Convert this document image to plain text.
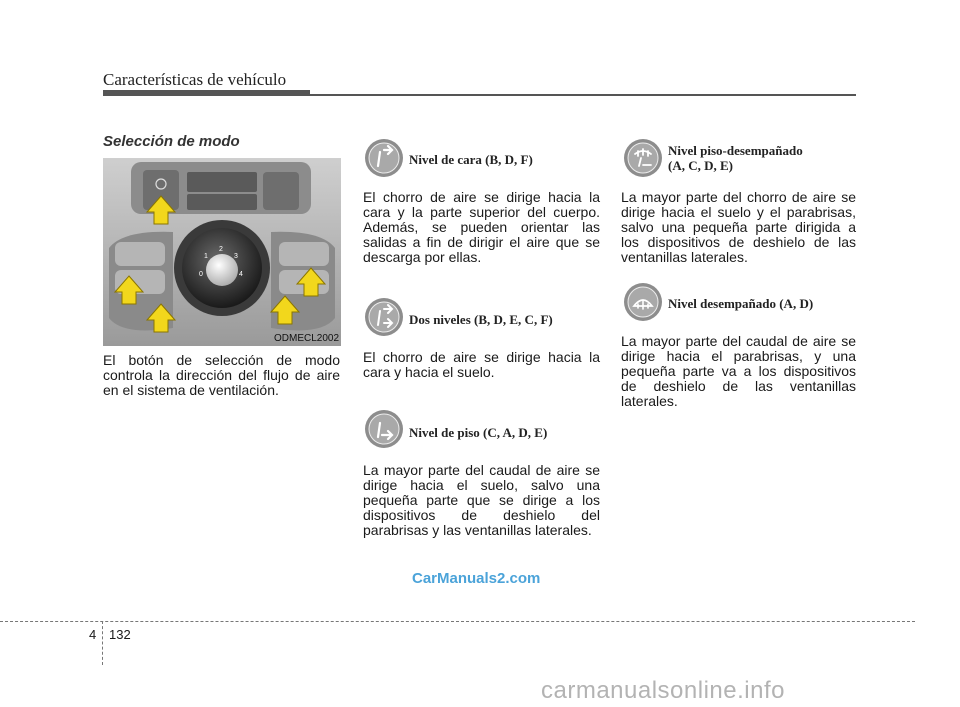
Características de vehículo
Selección de modo
0
1
2
3
4
ODMECL2002
El botón de selección de modo controla la dirección del flujo de aire en el sistema de ventilación.
Nivel de cara (B, D, F)
El chorro de aire se dirige hacia la cara y la parte superior del cuerpo. Además, se pueden orientar las salidas a fin de dirigir el aire que se descarga por ellas.
Dos niveles (B, D, E, C, F)
El chorro de aire se dirige hacia la cara y hacia el suelo.
Nivel de piso (C, A, D, E)
La mayor parte del caudal de aire se dirige hacia el suelo, salvo una pequeña parte que se dirige a los dispositivos de deshielo del parabrisas y las ventanillas laterales.
Nivel piso-desempañado
(A, C, D, E)
La mayor parte del chorro de aire se dirige hacia el suelo y el parabrisas, salvo una pequeña parte dirigida a los dispositivos de deshielo de las ventanillas laterales.
Nivel desempañado (A, D)
La mayor parte del caudal de aire se dirige hacia el parabrisas, y una pequeña parte va a los dispositivos de deshielo de las ventanillas laterales.
CarManuals2.com
4 132
carmanualsonline.info
